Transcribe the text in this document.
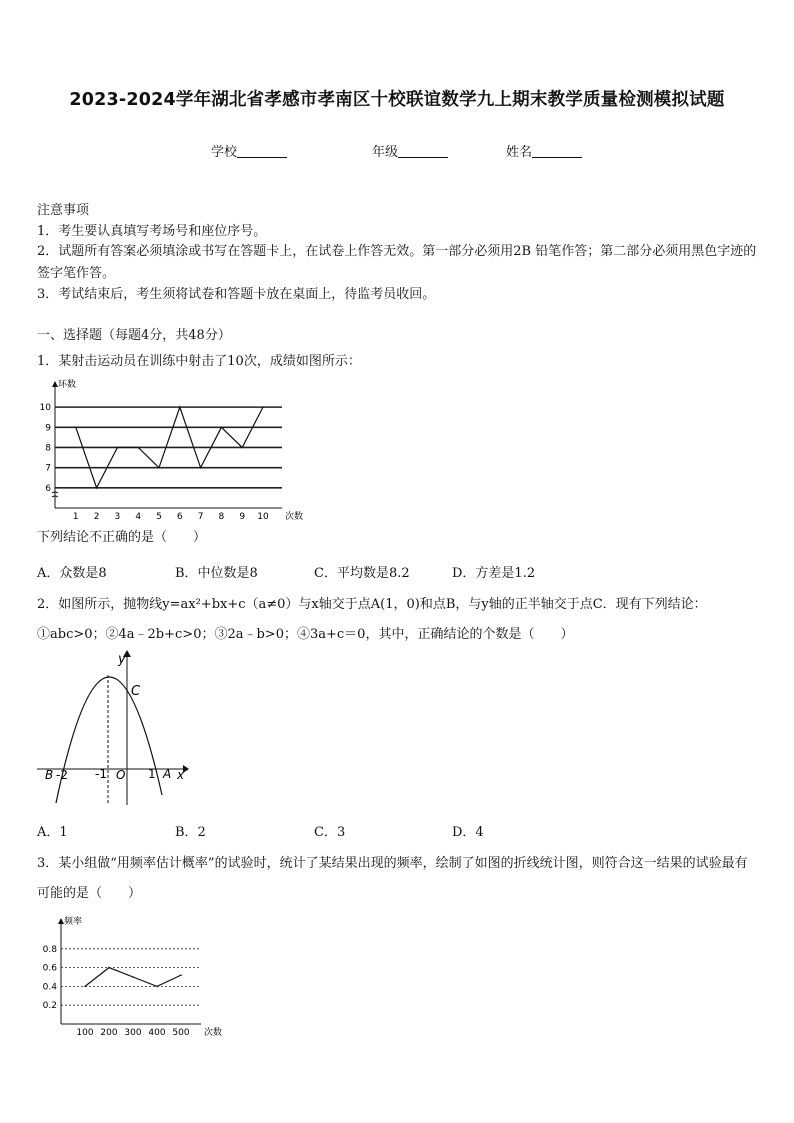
2023-2024学年湖北省孝感市孝南区十校联谊数学九上期末教学质量检测模拟试题
学校	年级	姓名
注意事项
1．考生要认真填写考场号和座位序号。
2．试题所有答案必须填涂或书写在答题卡上，在试卷上作答无效。第一部分必须用2B 铅笔作答；第二部分必须用黑色字迹的签字笔作答。
3．考试结束后，考生须将试卷和答题卡放在桌面上，待监考员收回。
一、选择题（每题4分，共48分）
1．某射击运动员在训练中射击了10次，成绩如图所示：
环数
次数
6
7
8
9
10
1 2 3 4 5 6 7 8 9 10
下列结论不正确的是（　　）
A．众数是8	B．中位数是8	C．平均数是8.2	D．方差是1.2
2．如图所示，抛物线y=ax²+bx+c（a≠0）与x轴交于点A(1，0)和点B，与y轴的正半轴交于点C．现有下列结论：①abc>0；②4a﹣2b+c>0；③2a﹣b>0；④3a+c＝0，其中，正确结论的个数是（　　）
y
x
C
B -2 -1 O 1 A
A．1	B．2	C．3	D．4
3．某小组做“用频率估计概率”的试验时，统计了某结果出现的频率，绘制了如图的折线统计图，则符合这一结果的试验最有可能的是（　　）
频率
次数
0.2
0.4
0.6
0.8
100 200 300 400 500
